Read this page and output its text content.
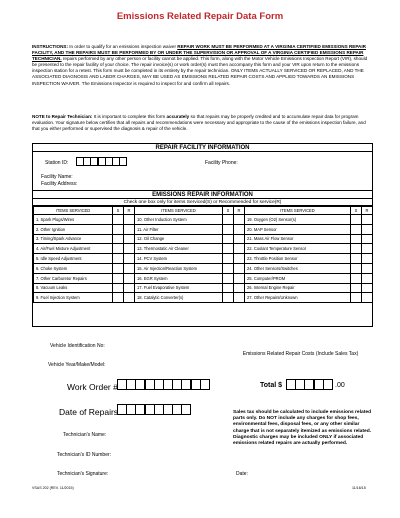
Emissions Related Repair Data Form
INSTRUCTIONS: In order to qualify for an emissions inspection waiver REPAIR WORK MUST BE PERFORMED AT A VIRGINIA CERTIFIED EMISSIONS REPAIR FACILITY, AND THE REPAIRS MUST BE PERFORMED BY OR UNDER THE SUPERVISION OR APPROVAL OF A VIRGINIA CERTIFIED EMISSIONS REPAIR TECHNICIAN. repairs performed by any other person or facility cannot be applied. This form, along with the Motor Vehicle Emissions Inspection Report (VIR), should be presented to the repair facility of your choice. The repair invoice(s) or work order(s) must then accompany this form and your VIR upon return to the emissions inspection station for a retest. This form must be completed in its entirety by the repair technician. ONLY ITEMS ACTUALLY SERVICED OR REPLACED, AND THE ASSOCIATED DIAGNOSIS AND LABOR CHARGES, MAY BE USED AS EMISSIONS RELATED REPAIR COSTS AND APPLIED TOWARDS AN EMISSIONS INSPECTION WAIVER. The Emissions Inspector is required to inspect for and confirm all repairs.
NOTE to Repair Technician: It is important to complete this form accurately so that repairs may be properly credited and to accumulate repair data for program evaluation. Your signature below certifies that all repairs and recommendations were necessary and appropriate to the cause of the emissions inspection failure, and that you either performed or supervised the diagnosis & repair of the vehicle.
REPAIR FACILITY INFORMATION
Station ID:	Facility Phone:
Facility Name:
Facility Address:
EMISSIONS REPAIR INFORMATION
Check one box only for items Serviced(S) or Recommended for service(R)
ITEMS SERVICED	S	R	ITEMS SERVICED	S	R	ITEMS SERVICED	S	R
1. Spark Plugs/Wires			10. Other Induction System			19. Oxygen (O2) Sensor(s)		
2. Other Ignition			11. Air Filter			20. MAP Sensor		
3. Timing/Spark Advance			12. Oil Change			21. Mass Air Flow Sensor		
4. Air/Fuel Mixture Adjustment			13. Thermostatic Air Cleaner			22. Coolant Temperature Sensor		
5. Idle Speed Adjustment			14. PCV System			23. Throttle Position Sensor		
6. Choke System			15. Air Injection/Reaction System			24. Other Sensors/Switches		
7. Other Carburetor Repairs			16. EGR System			25. Computer/PROM		
8. Vacuum Leaks			17. Fuel Evaporative System			26. Internal Engine Repair		
9. Fuel Injection System			18. Catalytic Converter(s)			27. Other Repairs/Unknown		
Vehicle Identification No:
Vehicle Year/Make/Model:
Emissions Related Repair Costs (Include Sales Tax)
Work Order #	Total $	.00
Date of Repairs	Sales tax should be calculated to include emissions related parts only. Do NOT include any charges for shop fees, environmental fees, disposal fees, or any other similar charge that is not separately itemized as emissions related. Diagnostic charges may be included ONLY if associated emissions related repairs are actually performed.
Technician's Name:
Technician's ID Number:
Technician's Signature:	Date:
VSAS 202 (REV. 11/2015)	11/16/15
